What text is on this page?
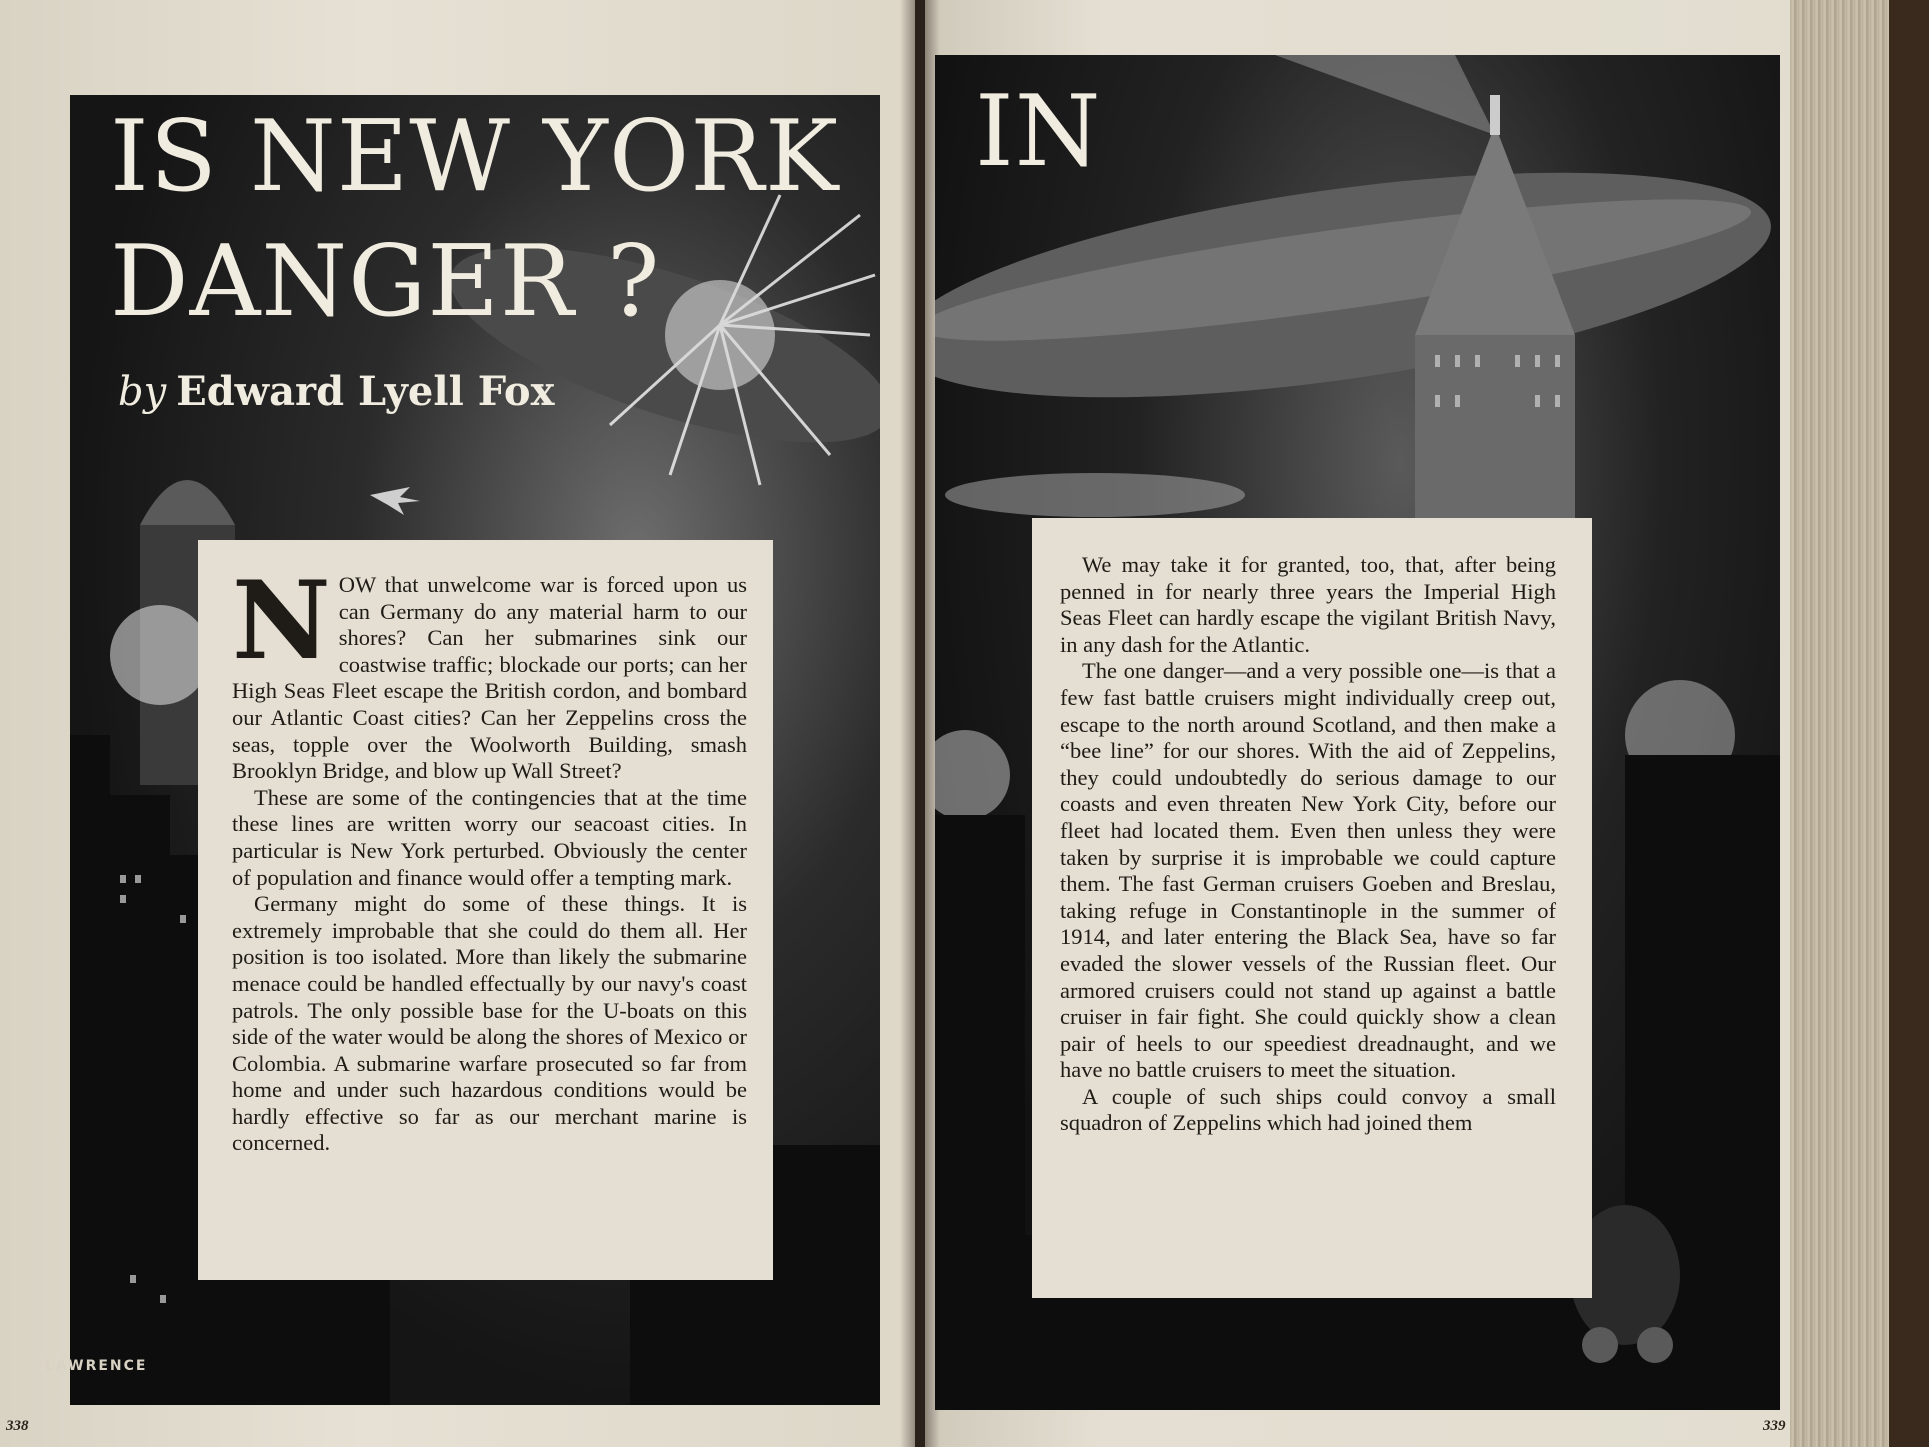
IS NEW YORK
DANGER ?
IN
by Edward Lyell Fox

NOW that unwelcome war is forced upon us can Germany do any material harm to our shores? Can her submarines sink our coastwise traffic; blockade our ports; can her High Seas Fleet escape the British cordon, and bombard our Atlantic Coast cities? Can her Zeppelins cross the seas, topple over the Woolworth Building, smash Brooklyn Bridge, and blow up Wall Street?

These are some of the contingencies that at the time these lines are written worry our seacoast cities. In particular is New York perturbed. Obviously the center of population and finance would offer a tempting mark.

Germany might do some of these things. It is extremely improbable that she could do them all. Her position is too isolated. More than likely the submarine menace could be handled effectually by our navy's coast patrols. The only possible base for the U-boats on this side of the water would be along the shores of Mexico or Colombia. A submarine warfare prosecuted so far from home and under such hazardous conditions would be hardly effective so far as our merchant marine is concerned.

We may take it for granted, too, that, after being penned in for nearly three years the Imperial High Seas Fleet can hardly escape the vigilant British Navy, in any dash for the Atlantic.

The one danger—and a very possible one—is that a few fast battle cruisers might individually creep out, escape to the north around Scotland, and then make a “bee line” for our shores. With the aid of Zeppelins, they could undoubtedly do serious damage to our coasts and even threaten New York City, before our fleet had located them. Even then unless they were taken by surprise it is improbable we could capture them. The fast German cruisers Goeben and Breslau, taking refuge in Constantinople in the summer of 1914, and later entering the Black Sea, have so far evaded the slower vessels of the Russian fleet. Our armored cruisers could not stand up against a battle cruiser in fair fight. She could quickly show a clean pair of heels to our speediest dreadnaught, and we have no battle cruisers to meet the situation.

A couple of such ships could convoy a small squadron of Zeppelins which had joined them

LAWRENCE
338	339
